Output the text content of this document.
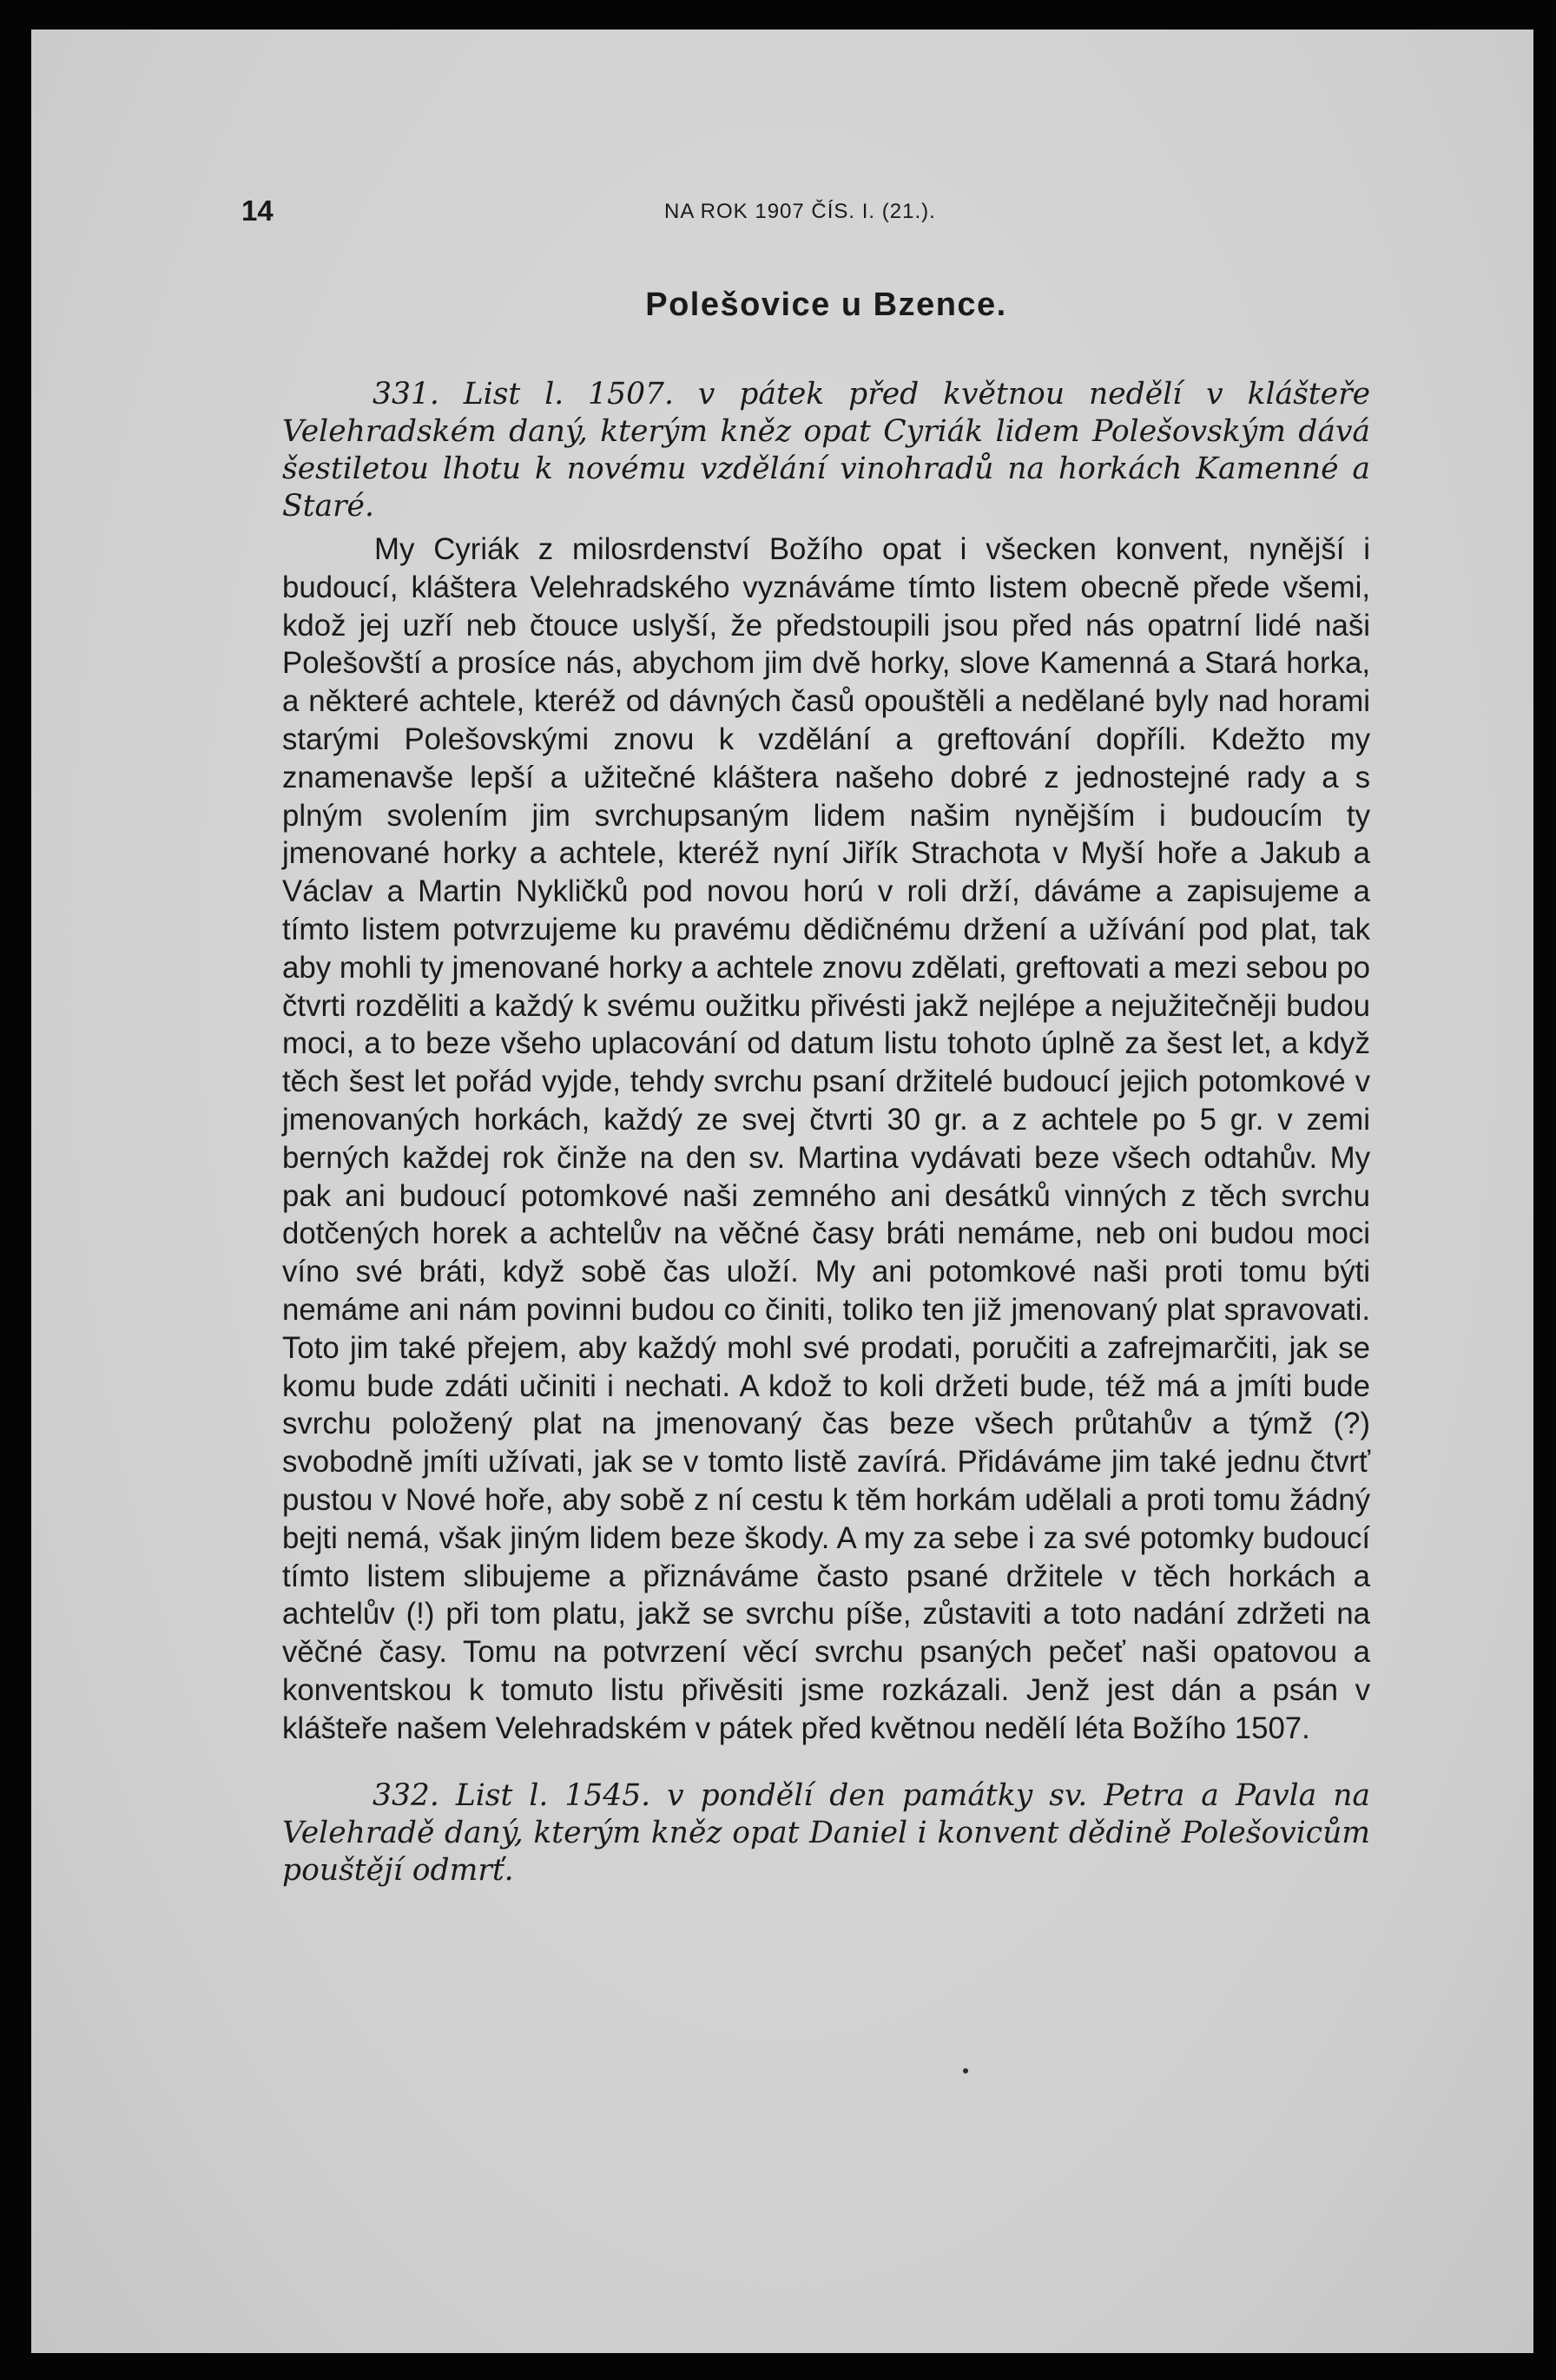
14	NA ROK 1907 ČÍS. I. (21.).
Polešovice u Bzence.

331. List l. 1507. v pátek před květnou nedělí v klášteře Velehradském daný, kterým kněz opat Cyriák lidem Polešovským dává šestiletou lhotu k novému vzdělání vinohradů na horkách Kamenné a Staré.

My Cyriák z milosrdenství Božího opat i všecken konvent, nynější i budoucí, kláštera Velehradského vyznáváme tímto listem obecně přede všemi, kdož jej uzří neb čtouce uslyší, že předstoupili jsou před nás opatrní lidé naši Polešovští a prosíce nás, abychom jim dvě horky, slove Kamenná a Stará horka, a některé achtele, kteréž od dávných časů opouštěli a nedělané byly nad horami starými Polešovskými znovu k vzdělání a greftování dopříli. Kdežto my znamenavše lepší a užitečné kláštera našeho dobré z jednostejné rady a s plným svolením jim svrchupsaným lidem našim nynějším i budoucím ty jmenované horky a achtele, kteréž nyní Jiřík Strachota v Myší hoře a Jakub a Václav a Martin Nykličků pod novou horú v roli drží, dáváme a zapisujeme a tímto listem potvrzujeme ku pravému dědičnému držení a užívání pod plat, tak aby mohli ty jmenované horky a achtele znovu zdělati, greftovati a mezi sebou po čtvrti rozděliti a každý k svému oužitku přivésti jakž nejlépe a nejužitečněji budou moci, a to beze všeho uplacování od datum listu tohoto úplně za šest let, a když těch šest let pořád vyjde, tehdy svrchu psaní držitelé budoucí jejich potomkové v jmenovaných horkách, každý ze svej čtvrti 30 gr. a z achtele po 5 gr. v zemi berných každej rok činže na den sv. Martina vydávati beze všech odtahův. My pak ani budoucí potomkové naši zemného ani desátků vinných z těch svrchu dotčených horek a achtelův na věčné časy bráti nemáme, neb oni budou moci víno své bráti, když sobě čas uloží. My ani potomkové naši proti tomu býti nemáme ani nám povinni budou co činiti, toliko ten již jmenovaný plat spravovati. Toto jim také přejem, aby každý mohl své prodati, poručiti a zafrejmarčiti, jak se komu bude zdáti učiniti i nechati. A kdož to koli držeti bude, též má a jmíti bude svrchu položený plat na jmenovaný čas beze všech průtahův a týmž (?) svobodně jmíti užívati, jak se v tomto listě zavírá. Přidáváme jim také jednu čtvrť pustou v Nové hoře, aby sobě z ní cestu k těm horkám udělali a proti tomu žádný bejti nemá, však jiným lidem beze škody. A my za sebe i za své potomky budoucí tímto listem slibujeme a přiznáváme často psané držitele v těch horkách a achtelův (!) při tom platu, jakž se svrchu píše, zůstaviti a toto nadání zdržeti na věčné časy. Tomu na potvrzení věcí svrchu psaných pečeť naši opatovou a konventskou k tomuto listu přivěsiti jsme rozkázali. Jenž jest dán a psán v klášteře našem Velehradském v pátek před květnou nedělí léta Božího 1507.

332. List l. 1545. v pondělí den památky sv. Petra a Pavla na Velehradě daný, kterým kněz opat Daniel i konvent dědině Polešovicům pouštějí odmrť.
